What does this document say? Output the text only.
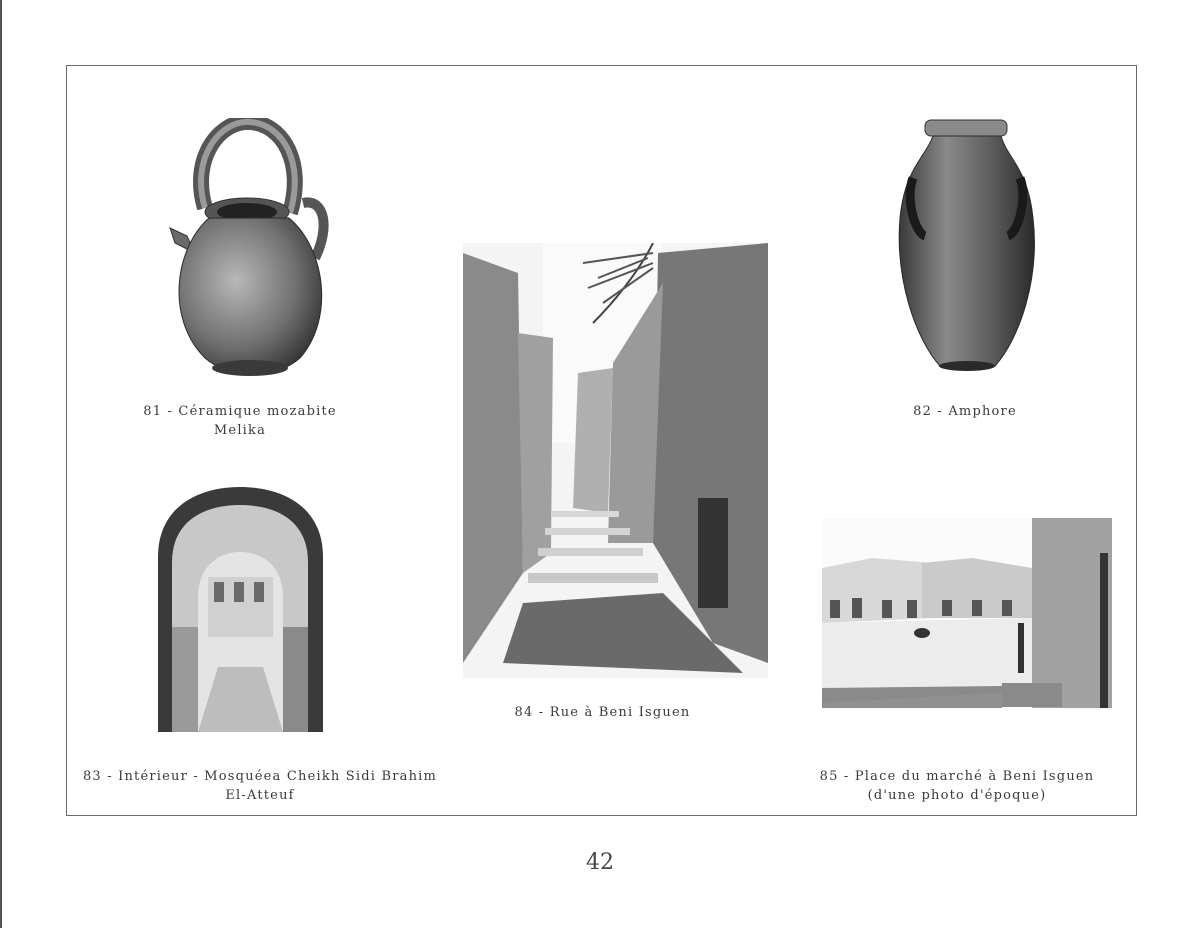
81 - Céramique mozabite
Melika
82 - Amphore
83 - Intérieur - Mosquéea Cheikh Sidi Brahim
El-Atteuf
84 - Rue à Beni Isguen
85 - Place du marché à Beni Isguen
(d'une photo d'époque)
42
